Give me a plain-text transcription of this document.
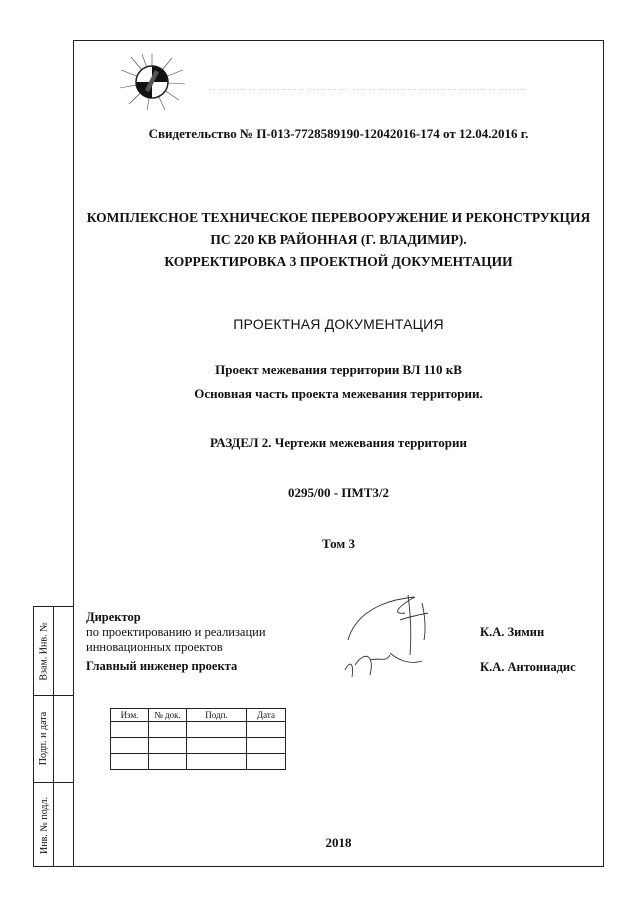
Взам. Инв. №
Подп. и дата
Инв. № подл.
............... ............ ......... ................. ......... ............................................ ...............
Свидетельство № П-013-7728589190-12042016-174 от 12.04.2016 г.
КОМПЛЕКСНОЕ ТЕХНИЧЕСКОЕ ПЕРЕВООРУЖЕНИЕ И РЕКОНСТРУКЦИЯ
ПС 220 КВ РАЙОННАЯ (Г. ВЛАДИМИР).
КОРРЕКТИРОВКА 3 ПРОЕКТНОЙ ДОКУМЕНТАЦИИ
ПРОЕКТНАЯ ДОКУМЕНТАЦИЯ
Проект межевания территории ВЛ 110 кВ
Основная часть проекта межевания территории.
РАЗДЕЛ 2. Чертежи межевания территории
0295/00 - ПМТ3/2
Том 3
Директор
по проектированию и реализации
инновационных проектов
Главный инженер проекта
К.А. Зимин
К.А. Антониадис
Изм.	№ док.	Подп.	Дата

2018
